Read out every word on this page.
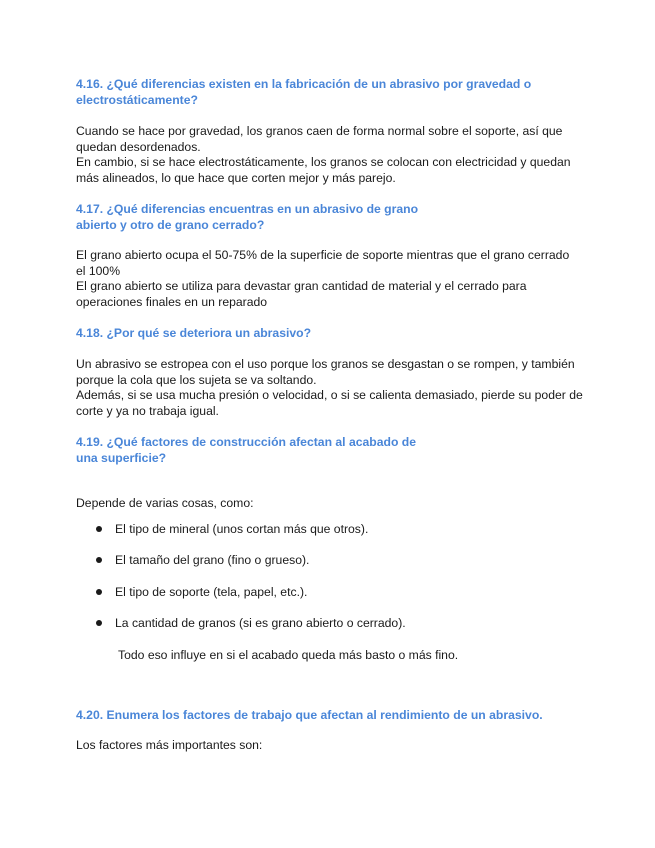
4.16. ¿Qué diferencias existen en la fabricación de un abrasivo por gravedad o
electrostáticamente?
Cuando se hace por gravedad, los granos caen de forma normal sobre el soporte, así que
quedan desordenados.
En cambio, si se hace electrostáticamente, los granos se colocan con electricidad y quedan
más alineados, lo que hace que corten mejor y más parejo.
4.17. ¿Qué diferencias encuentras en un abrasivo de grano
abierto y otro de grano cerrado?
El grano abierto ocupa el 50-75% de la superficie de soporte mientras que el grano cerrado
el 100%
El grano abierto se utiliza para devastar gran cantidad de material y el cerrado para
operaciones finales en un reparado
4.18. ¿Por qué se deteriora un abrasivo?
Un abrasivo se estropea con el uso porque los granos se desgastan o se rompen, y también
porque la cola que los sujeta se va soltando.
Además, si se usa mucha presión o velocidad, o si se calienta demasiado, pierde su poder de
corte y ya no trabaja igual.
4.19. ¿Qué factores de construcción afectan al acabado de
una superficie?
Depende de varias cosas, como:
El tipo de mineral (unos cortan más que otros).
El tamaño del grano (fino o grueso).
El tipo de soporte (tela, papel, etc.).
La cantidad de granos (si es grano abierto o cerrado).
Todo eso influye en si el acabado queda más basto o más fino.
4.20. Enumera los factores de trabajo que afectan al rendimiento de un abrasivo.
Los factores más importantes son:
